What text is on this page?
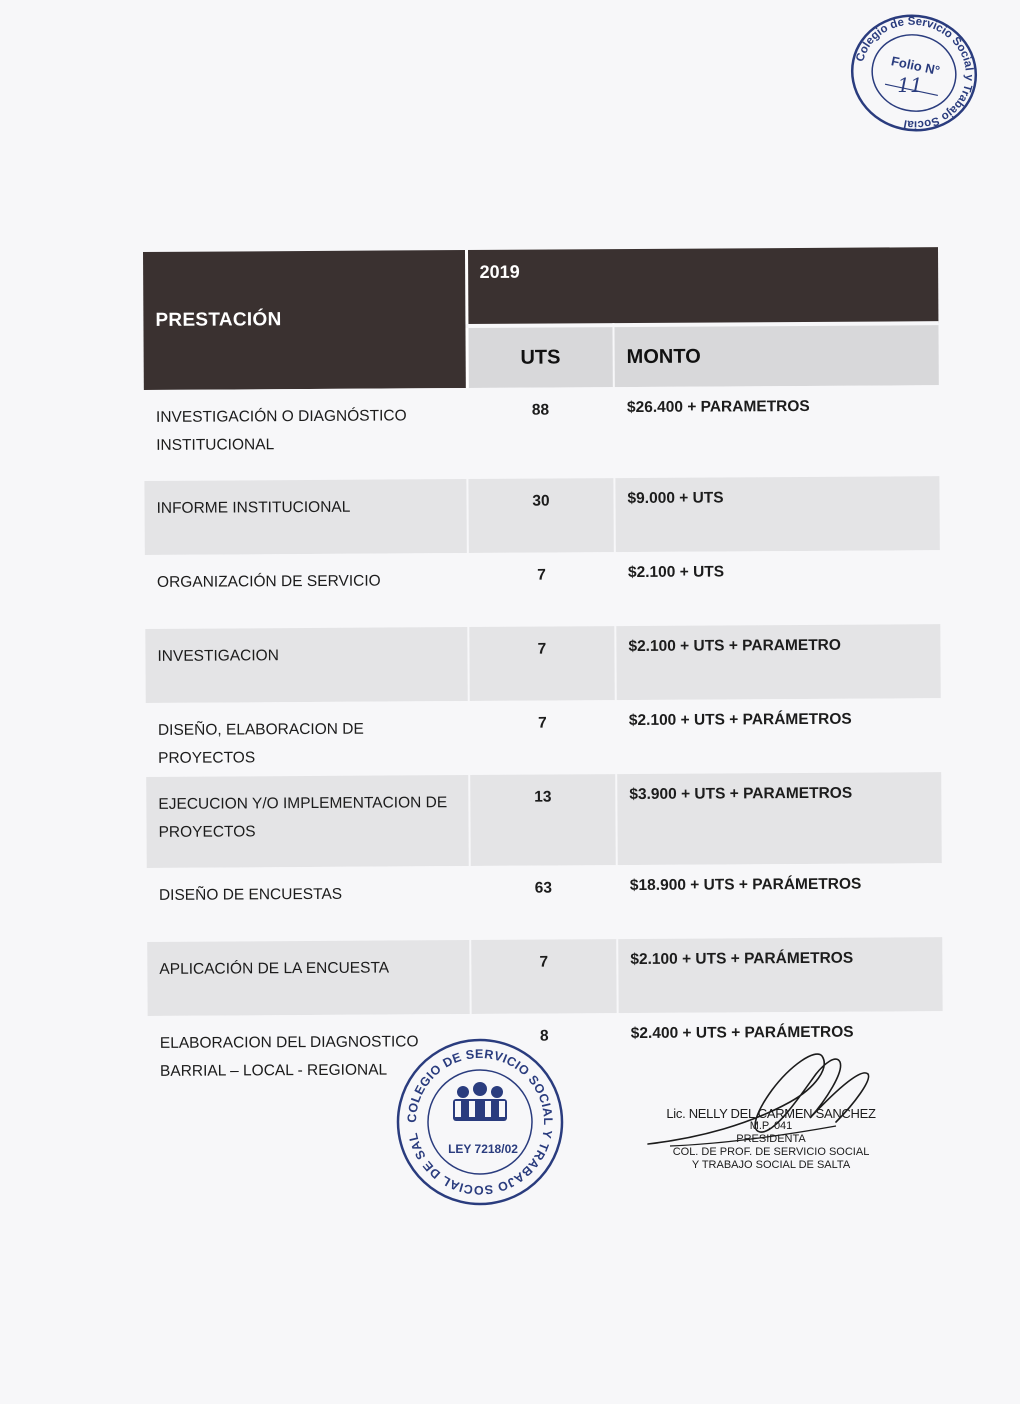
Colegio de Servicio Social y Trabajo Social
Folio N°
11
PRESTACIÓN	2019	
	UTS	MONTO
INVESTIGACIÓN O DIAGNÓSTICO INSTITUCIONAL	88	$26.400 + PARAMETROS
INFORME INSTITUCIONAL	30	$9.000 + UTS
ORGANIZACIÓN DE SERVICIO	7	$2.100 + UTS
INVESTIGACION	7	$2.100 + UTS + PARAMETRO
DISEÑO, ELABORACION DE PROYECTOS	7	$2.100 + UTS + PARÁMETROS
EJECUCION Y/O IMPLEMENTACION DE PROYECTOS	13	$3.900 + UTS + PARAMETROS
DISEÑO DE ENCUESTAS	63	$18.900 + UTS + PARÁMETROS
APLICACIÓN DE LA ENCUESTA	7	$2.100 + UTS + PARÁMETROS
ELABORACION DEL DIAGNOSTICO BARRIAL – LOCAL - REGIONAL	8	$2.400 + UTS + PARÁMETROS
COLEGIO DE SERVICIO SOCIAL Y TRABAJO SOCIAL DE SALTA
LEY 7218/02
Lic. NELLY DEL CARMEN SANCHEZ
M.P. 041
PRESIDENTA
COL. DE PROF. DE SERVICIO SOCIAL
Y TRABAJO SOCIAL DE SALTA
